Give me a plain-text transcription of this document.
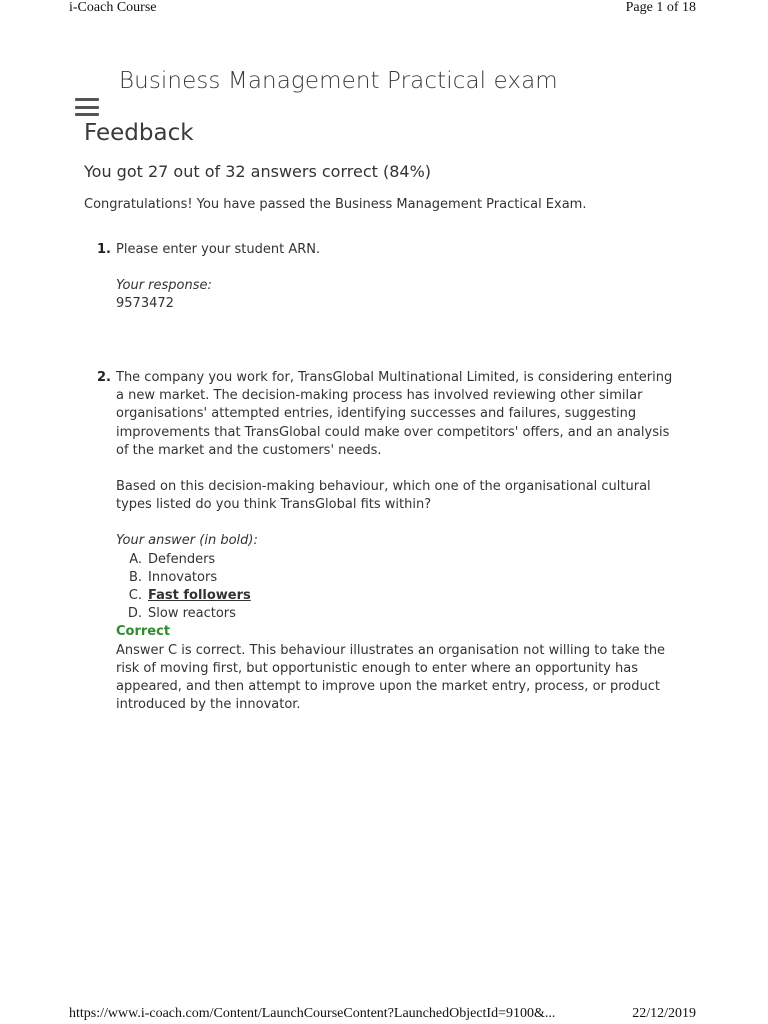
i-Coach Course	Page 1 of 18
Business Management Practical exam
Feedback
You got 27 out of 32 answers correct (84%)
Congratulations! You have passed the Business Management Practical Exam.
1. Please enter your student ARN.

Your response:

9573472

2. The company you work for, TransGlobal Multinational Limited, is considering entering a new market. The decision-making process has involved reviewing other similar organisations' attempted entries, identifying successes and failures, suggesting improvements that TransGlobal could make over competitors' offers, and an analysis of the market and the customers' needs.

Based on this decision-making behaviour, which one of the organisational cultural types listed do you think TransGlobal fits within?

Your answer (in bold):

A. Defenders
B. Innovators
C. Fast followers
D. Slow reactors

Correct

Answer C is correct. This behaviour illustrates an organisation not willing to take the risk of moving first, but opportunistic enough to enter where an opportunity has appeared, and then attempt to improve upon the market entry, process, or product introduced by the innovator.

https://www.i-coach.com/Content/LaunchCourseContent?LaunchedObjectId=9100&...	22/12/2019
